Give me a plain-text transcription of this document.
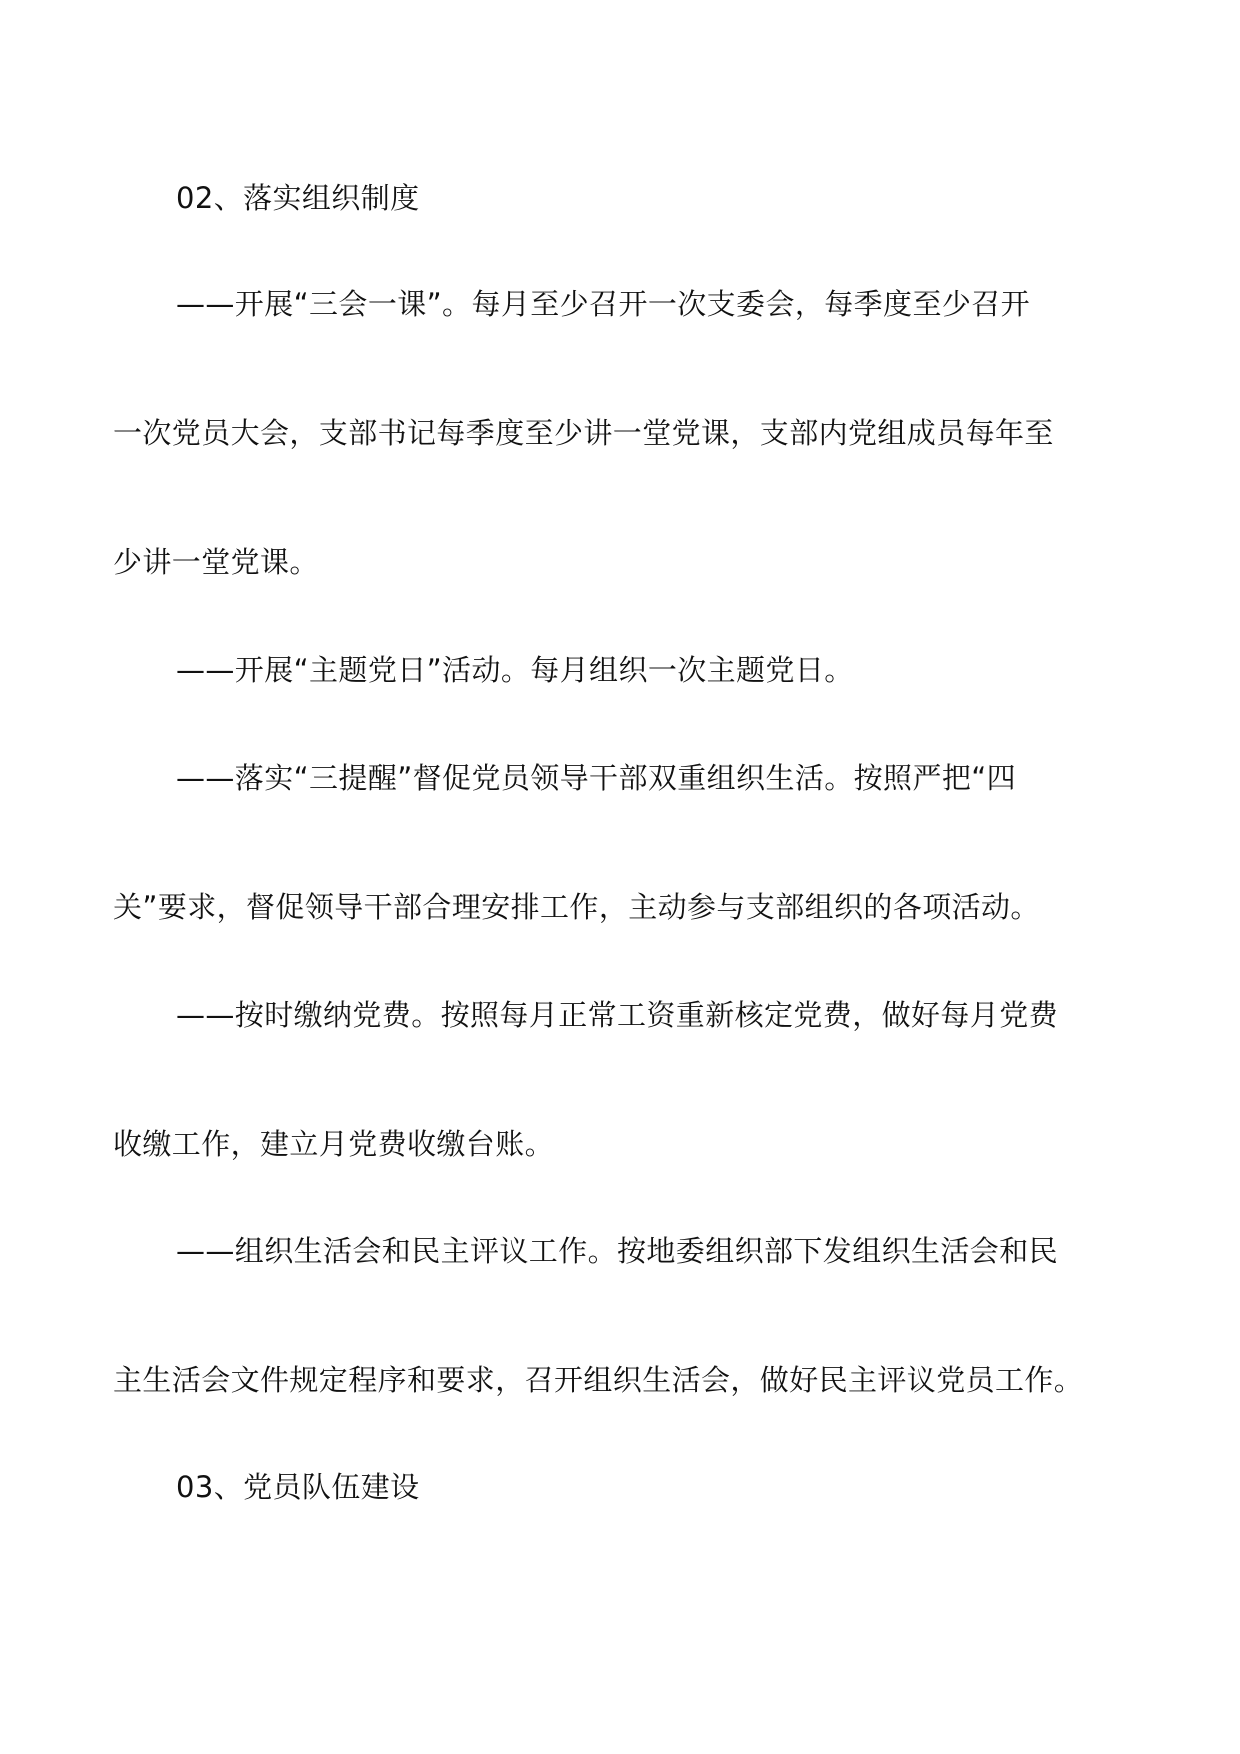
02、落实组织制度
——开展“三会一课”。每月至少召开一次支委会，每季度至少召开
一次党员大会，支部书记每季度至少讲一堂党课，支部内党组成员每年至
少讲一堂党课。
——开展“主题党日”活动。每月组织一次主题党日。
——落实“三提醒”督促党员领导干部双重组织生活。按照严把“四
关”要求，督促领导干部合理安排工作，主动参与支部组织的各项活动。
——按时缴纳党费。按照每月正常工资重新核定党费，做好每月党费
收缴工作，建立月党费收缴台账。
——组织生活会和民主评议工作。按地委组织部下发组织生活会和民
主生活会文件规定程序和要求，召开组织生活会，做好民主评议党员工作。
03、党员队伍建设
